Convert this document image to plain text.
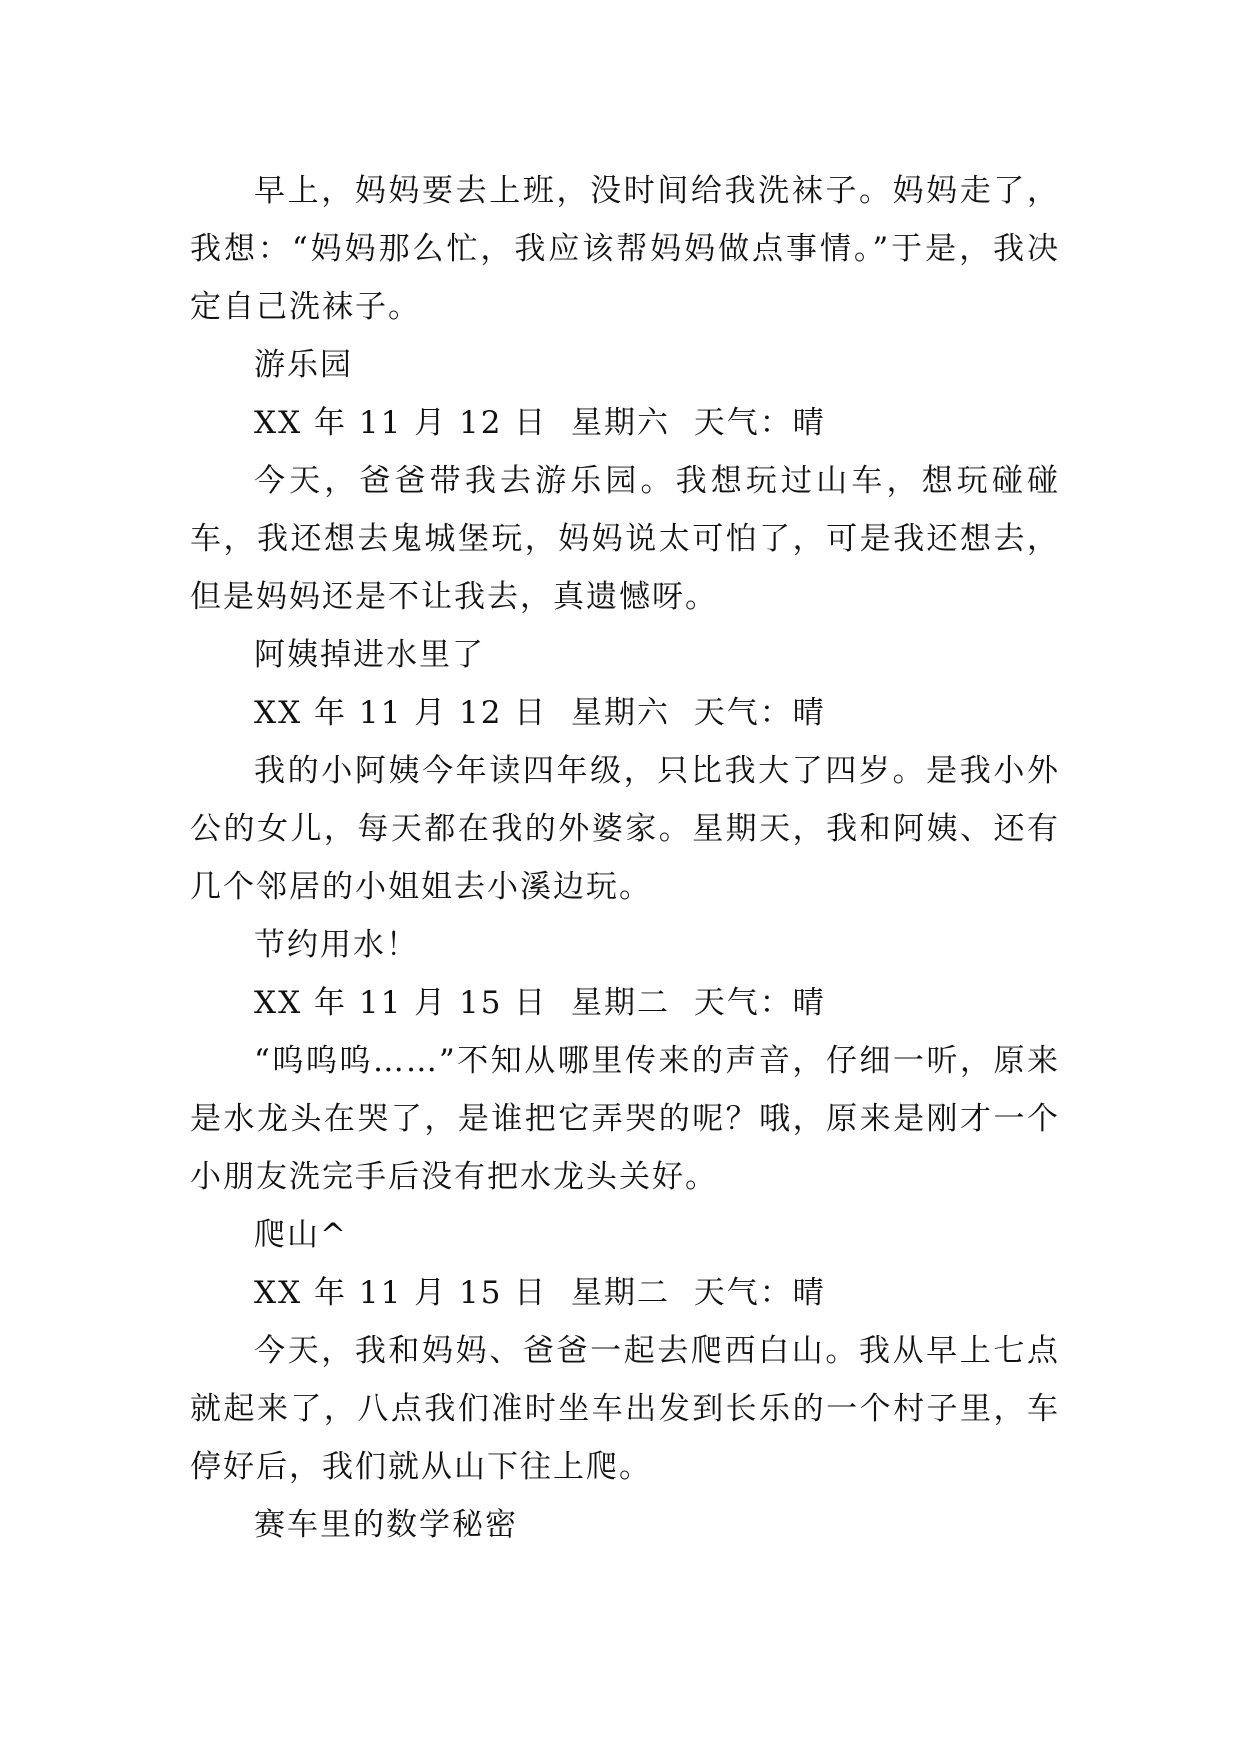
早上，妈妈要去上班，没时间给我洗袜子。妈妈走了，我想：“妈妈那么忙，我应该帮妈妈做点事情。”于是，我决定自己洗袜子。

游乐园

XX 年 11 月 12 日  星期六  天气：晴

今天，爸爸带我去游乐园。我想玩过山车，想玩碰碰车，我还想去鬼城堡玩，妈妈说太可怕了，可是我还想去，但是妈妈还是不让我去，真遗憾呀。

阿姨掉进水里了

XX 年 11 月 12 日  星期六  天气：晴

我的小阿姨今年读四年级，只比我大了四岁。是我小外公的女儿，每天都在我的外婆家。星期天，我和阿姨、还有几个邻居的小姐姐去小溪边玩。

节约用水！

XX 年 11 月 15 日  星期二  天气：晴

“呜呜呜……”不知从哪里传来的声音，仔细一听，原来是水龙头在哭了，是谁把它弄哭的呢？哦，原来是刚才一个小朋友洗完手后没有把水龙头关好。

爬山^

XX 年 11 月 15 日  星期二  天气：晴

今天，我和妈妈、爸爸一起去爬西白山。我从早上七点就起来了，八点我们准时坐车出发到长乐的一个村子里，车停好后，我们就从山下往上爬。

赛车里的数学秘密
